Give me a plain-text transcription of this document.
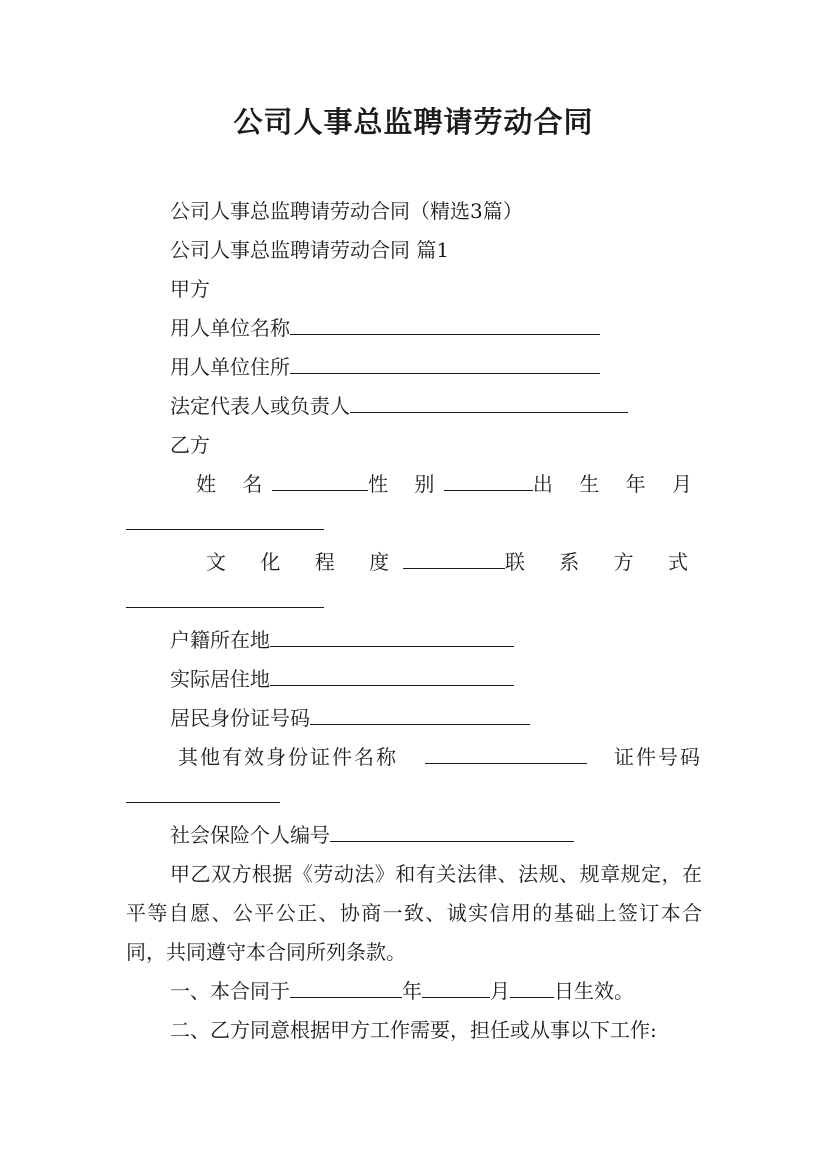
公司人事总监聘请劳动合同
公司人事总监聘请劳动合同（精选3篇）
公司人事总监聘请劳动合同 篇1
甲方
用人单位名称
用人单位住所
法定代表人或负责人
乙方
姓 名	性 别	出 生 年 月
文 化 程 度	联 系 方 式
户籍所在地
实际居住地
居民身份证号码
其他有效身份证件名称	证件号码
社会保险个人编号
甲乙双方根据《劳动法》和有关法律、法规、规章规定，在平等自愿、公平公正、协商一致、诚实信用的基础上签订本合同，共同遵守本合同所列条款。
一、本合同于	年	月 日生效。
二、乙方同意根据甲方工作需要，担任或从事以下工作:
